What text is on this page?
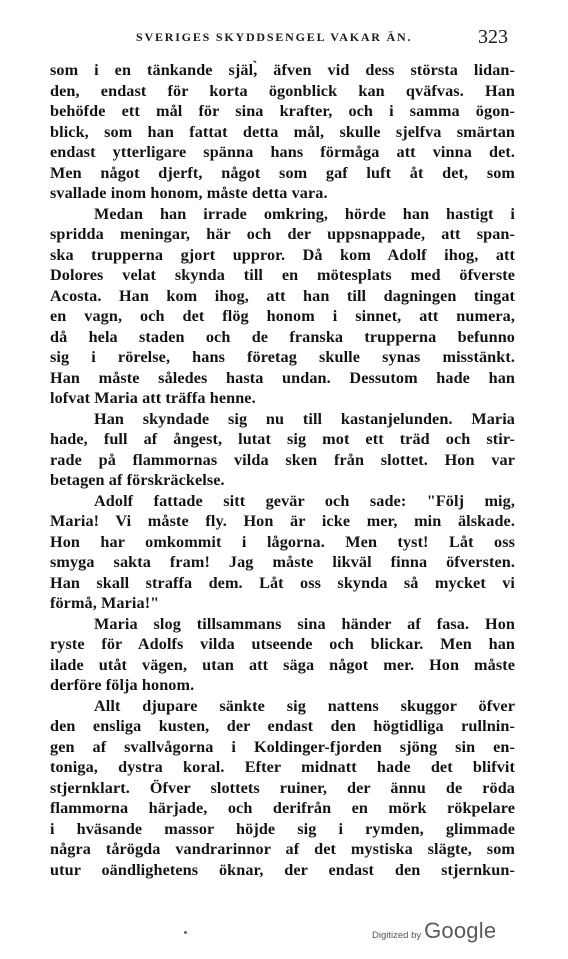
SVERIGES SKYDDSENGEL VAKAR ÄN.	323
som i en tänkande själ,̀ äfven vid dess största lidan-
den, endast för korta ögonblick kan qväfvas. Han
behöfde ett mål för sina krafter, och i samma ögon-
blick, som han fattat detta mål, skulle sjelfva smärtan
endast ytterligare spänna hans förmåga att vinna det.
Men något djerft, något som gaf luft åt det, som
svallade inom honom, måste detta vara.
Medan han irrade omkring, hörde han hastigt i
spridda meningar, här och der uppsnappade, att span-
ska trupperna gjort uppror. Då kom Adolf ihog, att
Dolores velat skynda till en mötesplats med öfverste
Acosta. Han kom ihog, att han till dagningen tingat
en vagn, och det flög honom i sinnet, att numera,
då hela staden och de franska trupperna befunno
sig i rörelse, hans företag skulle synas misstänkt.
Han måste således hasta undan. Dessutom hade han
lofvat Maria att träffa henne.
Han skyndade sig nu till kastanjelunden. Maria
hade, full af ångest, lutat sig mot ett träd och stir-
rade på flammornas vilda sken från slottet. Hon var
betagen af förskräckelse.
Adolf fattade sitt gevär och sade: "Följ mig,
Maria! Vi måste fly. Hon är icke mer, min älskade.
Hon har omkommit i lågorna. Men tyst! Låt oss
smyga sakta fram! Jag måste likväl finna öfversten.
Han skall straffa dem. Låt oss skynda så mycket vi
förmå, Maria!"
Maria slog tillsammans sina händer af fasa. Hon
ryste för Adolfs vilda utseende och blickar. Men han
ilade utåt vägen, utan att säga något mer. Hon måste
derföre följa honom.
Allt djupare sänkte sig nattens skuggor öfver
den ensliga kusten, der endast den högtidliga rullnin-
gen af svallvågorna i Koldinger-fjorden sjöng sin en-
toniga, dystra koral. Efter midnatt hade det blifvit
stjernklart. Öfver slottets ruiner, der ännu de röda
flammorna härjade, och derifrån en mörk rökpelare
i hväsande massor höjde sig i rymden, glimmade
några tårögda vandrarinnor af det mystiska slägte, som
utur oändlighetens öknar, der endast den stjernkun-
Digitized by Google
